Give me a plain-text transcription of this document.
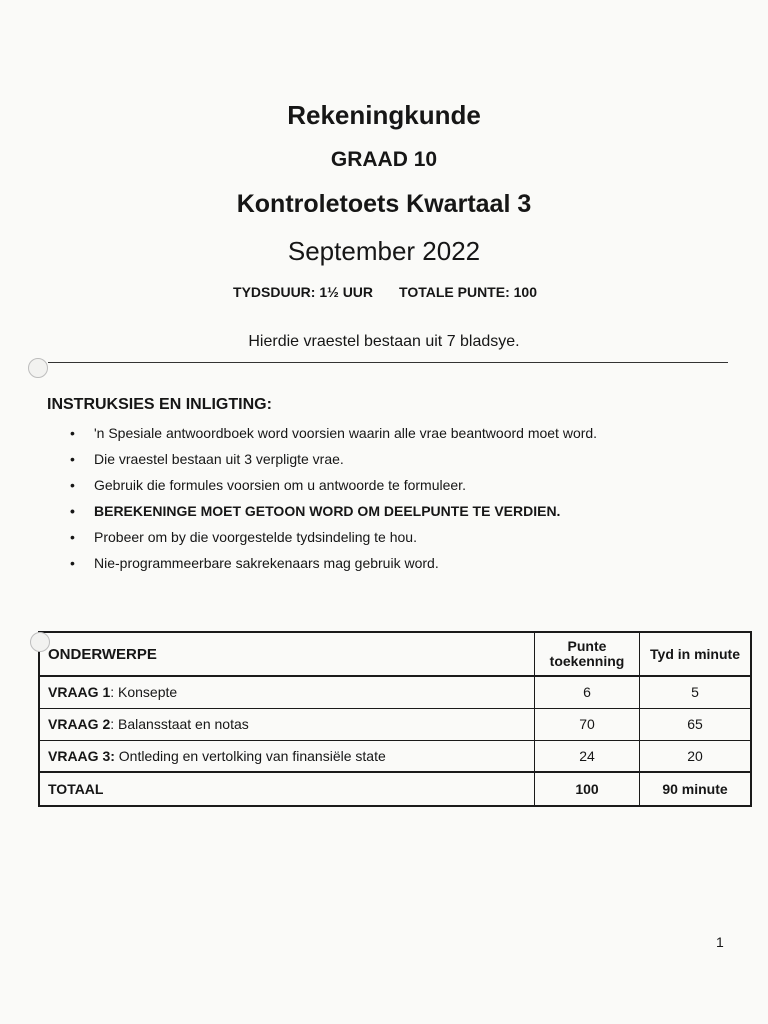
Rekeningkunde
GRAAD 10
Kontroletoets Kwartaal 3
September 2022
TYDSDUUR: 1½ UUR TOTALE PUNTE: 100
Hierdie vraestel bestaan uit 7 bladsye.
INSTRUKSIES EN INLIGTING:
• 'n Spesiale antwoordboek word voorsien waarin alle vrae beantwoord moet word.
• Die vraestel bestaan uit 3 verpligte vrae.
• Gebruik die formules voorsien om u antwoorde te formuleer.
• BEREKENINGE MOET GETOON WORD OM DEELPUNTE TE VERDIEN.
• Probeer om by die voorgestelde tydsindeling te hou.
• Nie-programmeerbare sakrekenaars mag gebruik word.
ONDERWERPE	Punte toekenning	Tyd in minute
VRAAG 1: Konsepte	6	5
VRAAG 2: Balansstaat en notas	70	65
VRAAG 3: Ontleding en vertolking van finansiële state	24	20
TOTAAL	100	90 minute
1
